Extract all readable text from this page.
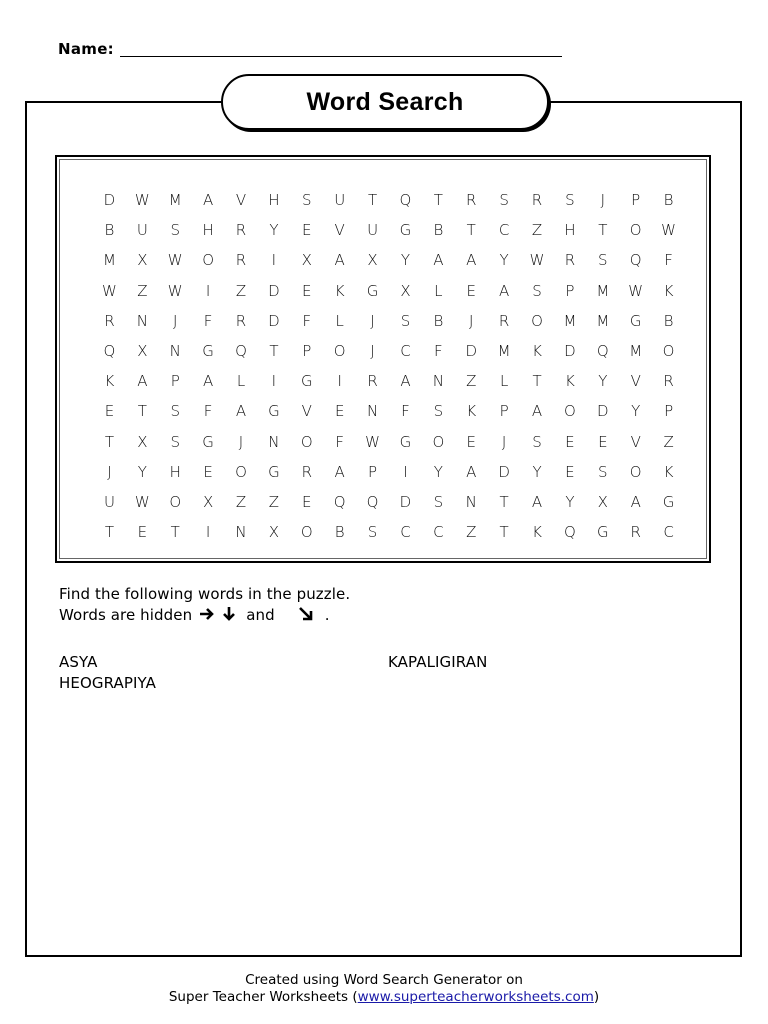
Name:
Word Search
D	W	M	A	V	H	S	U	T	Q	T	R	S	R	S	J	P	B
B	U	S	H	R	Y	E	V	U	G	B	T	C	Z	H	T	O	W
M	X	W	O	R	I	X	A	X	Y	A	A	Y	W	R	S	Q	F
W	Z	W	I	Z	D	E	K	G	X	L	E	A	S	P	M	W	K
R	N	J	F	R	D	F	L	J	S	B	J	R	O	M	M	G	B
Q	X	N	G	Q	T	P	O	J	C	F	D	M	K	D	Q	M	O
K	A	P	A	L	I	G	I	R	A	N	Z	L	T	K	Y	V	R
E	T	S	F	A	G	V	E	N	F	S	K	P	A	O	D	Y	P
T	X	S	G	J	N	O	F	W	G	O	E	J	S	E	E	V	Z
J	Y	H	E	O	G	R	A	P	I	Y	A	D	Y	E	S	O	K
U	W	O	X	Z	Z	E	Q	Q	D	S	N	T	A	Y	X	A	G
T	E	T	I	N	X	O	B	S	C	C	Z	T	K	Q	G	R	C
Find the following words in the puzzle.
Words are hidden	and	.
ASYA
HEOGRAPIYA
KAPALIGIRAN
Created using Word Search Generator on
Super Teacher Worksheets (www.superteacherworksheets.com)
